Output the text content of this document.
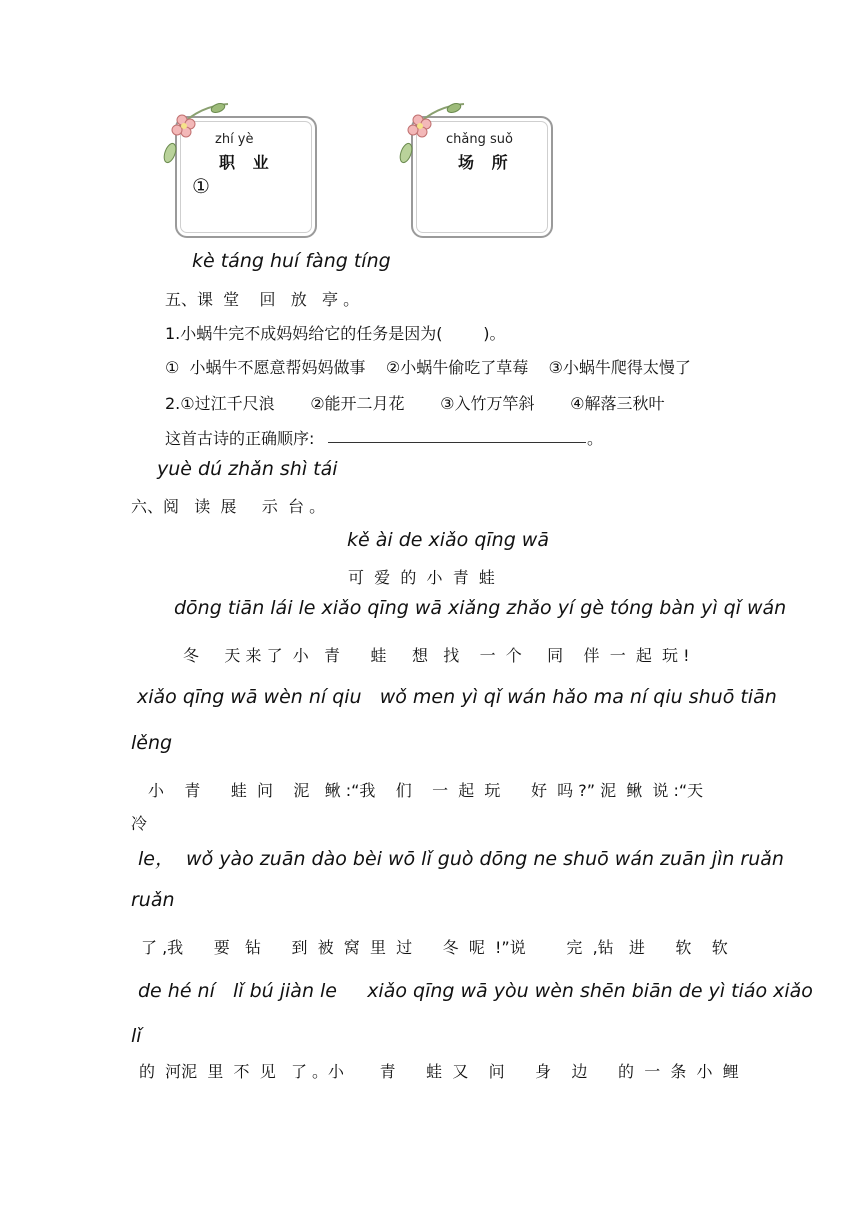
zhí yè
职 业
①
chǎng suǒ
场 所
kè táng huí fàng tíng
五、课  堂    回   放   亭 。
1.小蜗牛完不成妈妈给它的任务是因为(        )。
①  小蜗牛不愿意帮妈妈做事    ②小蜗牛偷吃了草莓    ③小蜗牛爬得太慢了
2.①过江千尺浪       ②能开二月花       ③入竹万竿斜       ④解落三秋叶
这首古诗的正确顺序:	。
yuè dú zhǎn shì tái
六、阅   读  展     示  台 。
kě ài de xiǎo qīng wā
可  爱  的  小  青  蛙
dōng tiān lái le xiǎo qīng wā xiǎng zhǎo yí gè tóng bàn yì qǐ wán
冬     天 来 了  小   青      蛙     想   找    一  个     同    伴  一  起  玩 !
xiǎo qīng wā wèn ní qiu   wǒ men yì qǐ wán hǎo ma ní qiu shuō tiān
lěng
小    青      蛙  问    泥   鳅 :“我    们    一  起  玩      好  吗 ?” 泥  鳅  说 :“天
冷
le，  wǒ yào zuān dào bèi wō lǐ guò dōng ne shuō wán zuān jìn ruǎn
ruǎn
了 ,我      要   钻      到  被  窝  里  过      冬  呢  !”说        完  ,钻   进      软    软
de hé ní   lǐ bú jiàn le     xiǎo qīng wā yòu wèn shēn biān de yì tiáo xiǎo
lǐ
的  河泥  里  不  见   了 。小       青      蛙  又    问      身    边      的  一  条  小  鲤
